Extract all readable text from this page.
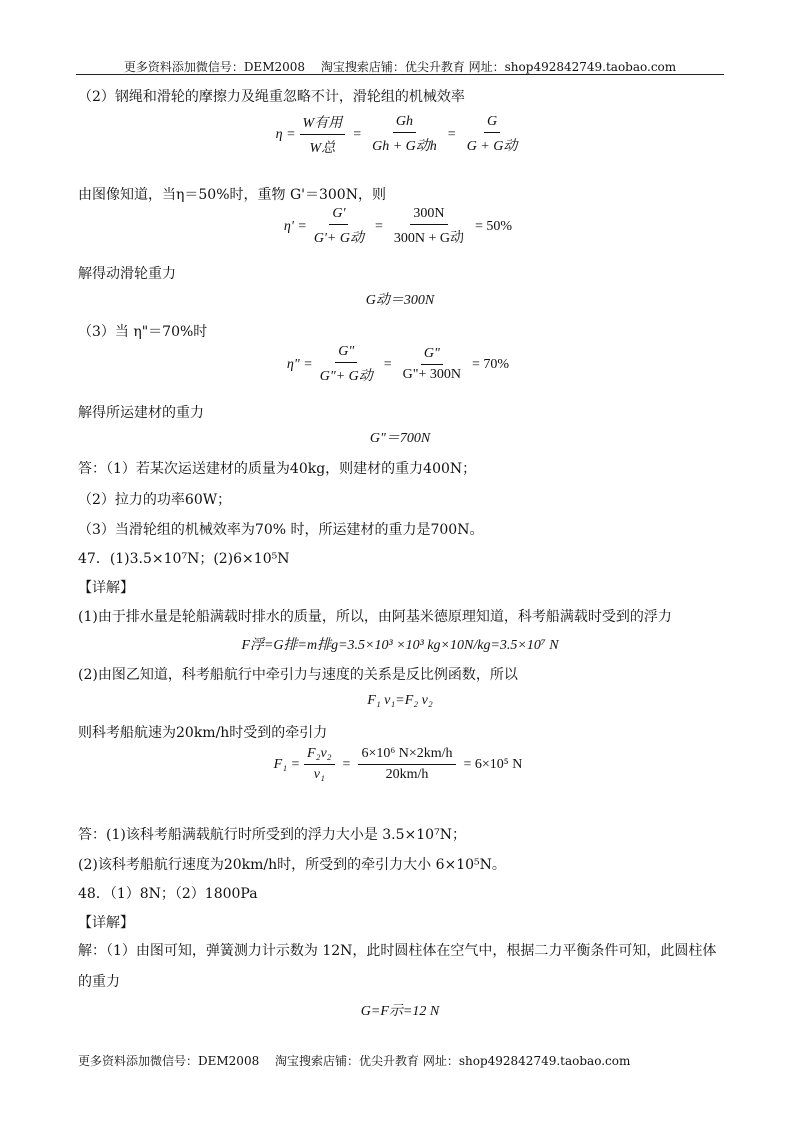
更多资料添加微信号：DEM2008　 淘宝搜索店铺：优尖升教育 网址：shop492842749.taobao.com
（2）钢绳和滑轮的摩擦力及绳重忽略不计，滑轮组的机械效率
$\eta = \frac{\text{W有用}}{\text{W总}} = \frac{Gh}{\text{Gh + G动h}} = \frac{G}{\text{G + G动}}$
由图像知道，当η＝50%时，重物 G'＝300N，则
$\eta' = \frac{G'}{\text{G'+ G动}} = \frac{300N}{\text{300N + G动}} = 50\%$
解得动滑轮重力
G动＝300N
（3）当 η"＝70%时
η" = $\frac{G"}{\text{G"+ G动}} = \frac{G"}{G"+ 300N} = 70\%$
解得所运建材的重力
G"＝700N
答：（1）若某次运送建材的质量为40kg，则建材的重力400N；
（2）拉力的功率60W；
（3）当滑轮组的机械效率为70% 时，所运建材的重力是700N。
47．(1)3.5×10⁷N；(2)6×10⁵N
【详解】
(1)由于排水量是轮船满载时排水的质量，所以，由阿基米德原理知道，科考船满载时受到的浮力
F浮=G排=m排g=3.5×10³ ×10³ kg×10N/kg=3.5×10⁷ N
(2)由图乙知道，科考船航行中牵引力与速度的关系是反比例函数，所以
F₁ v₁=F₂ v₂
则科考船航速为20km/h时受到的牵引力
$F_1 = \frac{\text{F₂v₂}}{\text{v₁}} = \frac{\text{6×10⁶ N×2km/h}}{20km/h} = 6\times 10^5$ N
答：(1)该科考船满载航行时所受到的浮力大小是 3.5×10⁷N；
(2)该科考船航行速度为20km/h时，所受到的牵引力大小 6×10⁵N。
48．（1）8N；（2）1800Pa
【详解】
解：（1）由图可知，弹簧测力计示数为 12N，此时圆柱体在空气中，根据二力平衡条件可知，此圆柱体
的重力
G=F示=12 N
更多资料添加微信号：DEM2008　 淘宝搜索店铺：优尖升教育 网址：shop492842749.taobao.com
